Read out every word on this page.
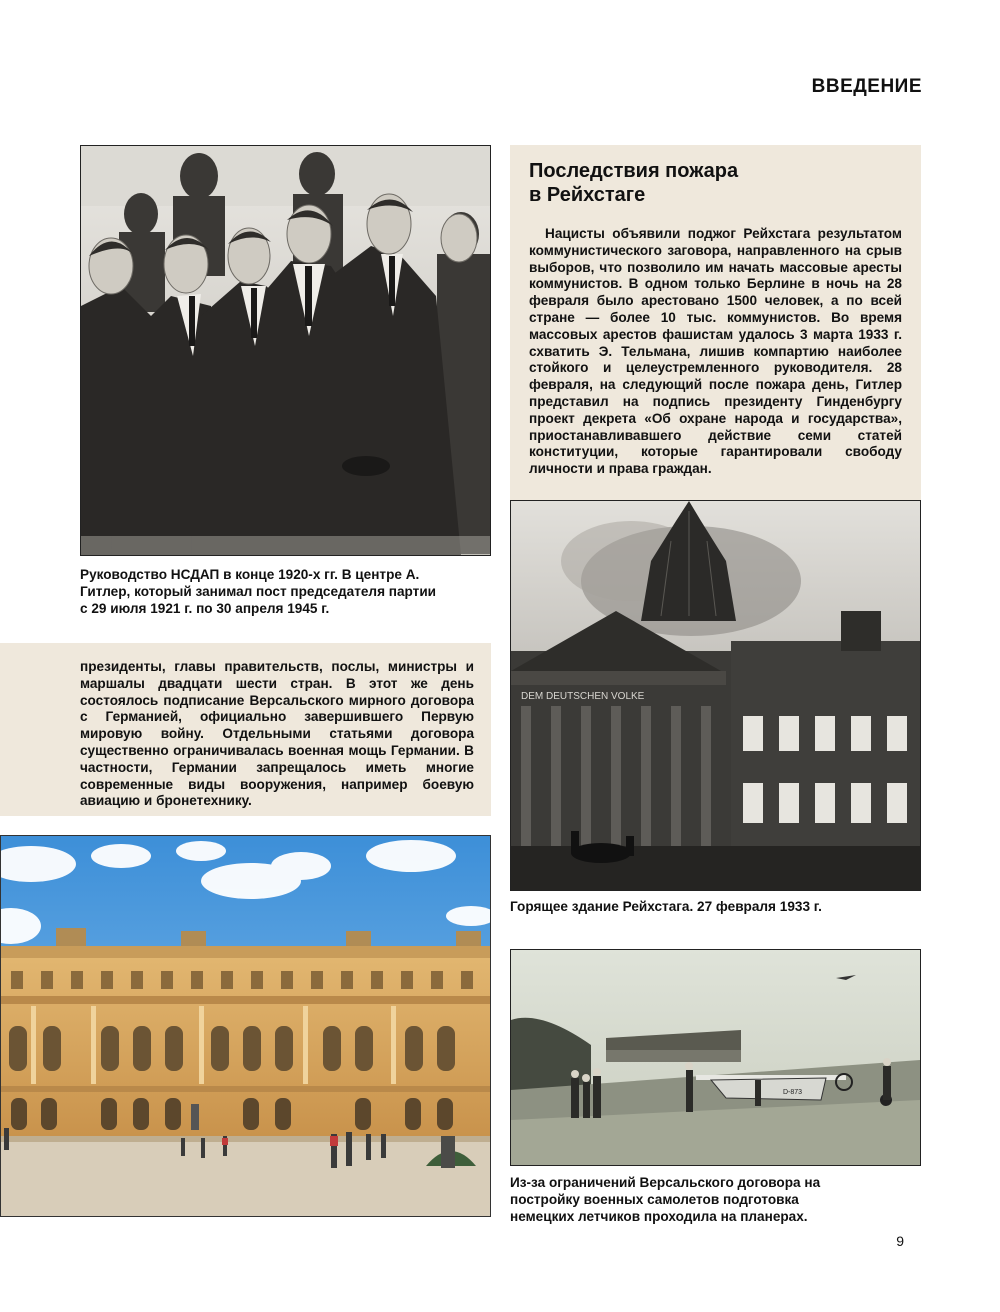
ВВЕДЕНИЕ
Руководство НСДАП в конце 1920-х гг. В центре А. Гитлер, который занимал пост председателя партии с 29 июля 1921 г. по 30 апреля 1945 г.
Последствия пожара
в Рейхстаге
Нацисты объявили поджог Рейхстага результатом коммунистического заговора, направленного на срыв выборов, что позволило им начать массовые аресты коммунистов. В одном только Берлине в ночь на 28 февраля было арестовано 1500 человек, а по всей стране — более 10 тыс. коммунистов. Во время массовых арестов фашистам удалось 3 марта 1933 г. схватить Э. Тельмана, лишив компартию наиболее стойкого и целеустремленного руководителя. 28 февраля, на следующий после пожара день, Гитлер представил на подпись президенту Гинденбургу проект декрета «Об охране народа и государства», приостанавливавшего действие семи статей конституции, которые гарантировали свободу личности и права граждан.
DEM DEUTSCHEN VOLKE
Горящее здание Рейхстага. 27 февраля 1933 г.
президенты, главы правительств, послы, министры и маршалы двадцати шести стран. В этот же день состоялось подписание Версальского мирного договора с Германией, официально завершившего Первую мировую войну. Отдельными статьями договора существенно ограничивалась военная мощь Германии. В частности, Германии запрещалось иметь многие современные виды вооружения, например боевую авиацию и бронетехнику.
D-873
Из-за ограничений Версальского договора на постройку военных самолетов подготовка немецких летчиков проходила на планерах.
9
